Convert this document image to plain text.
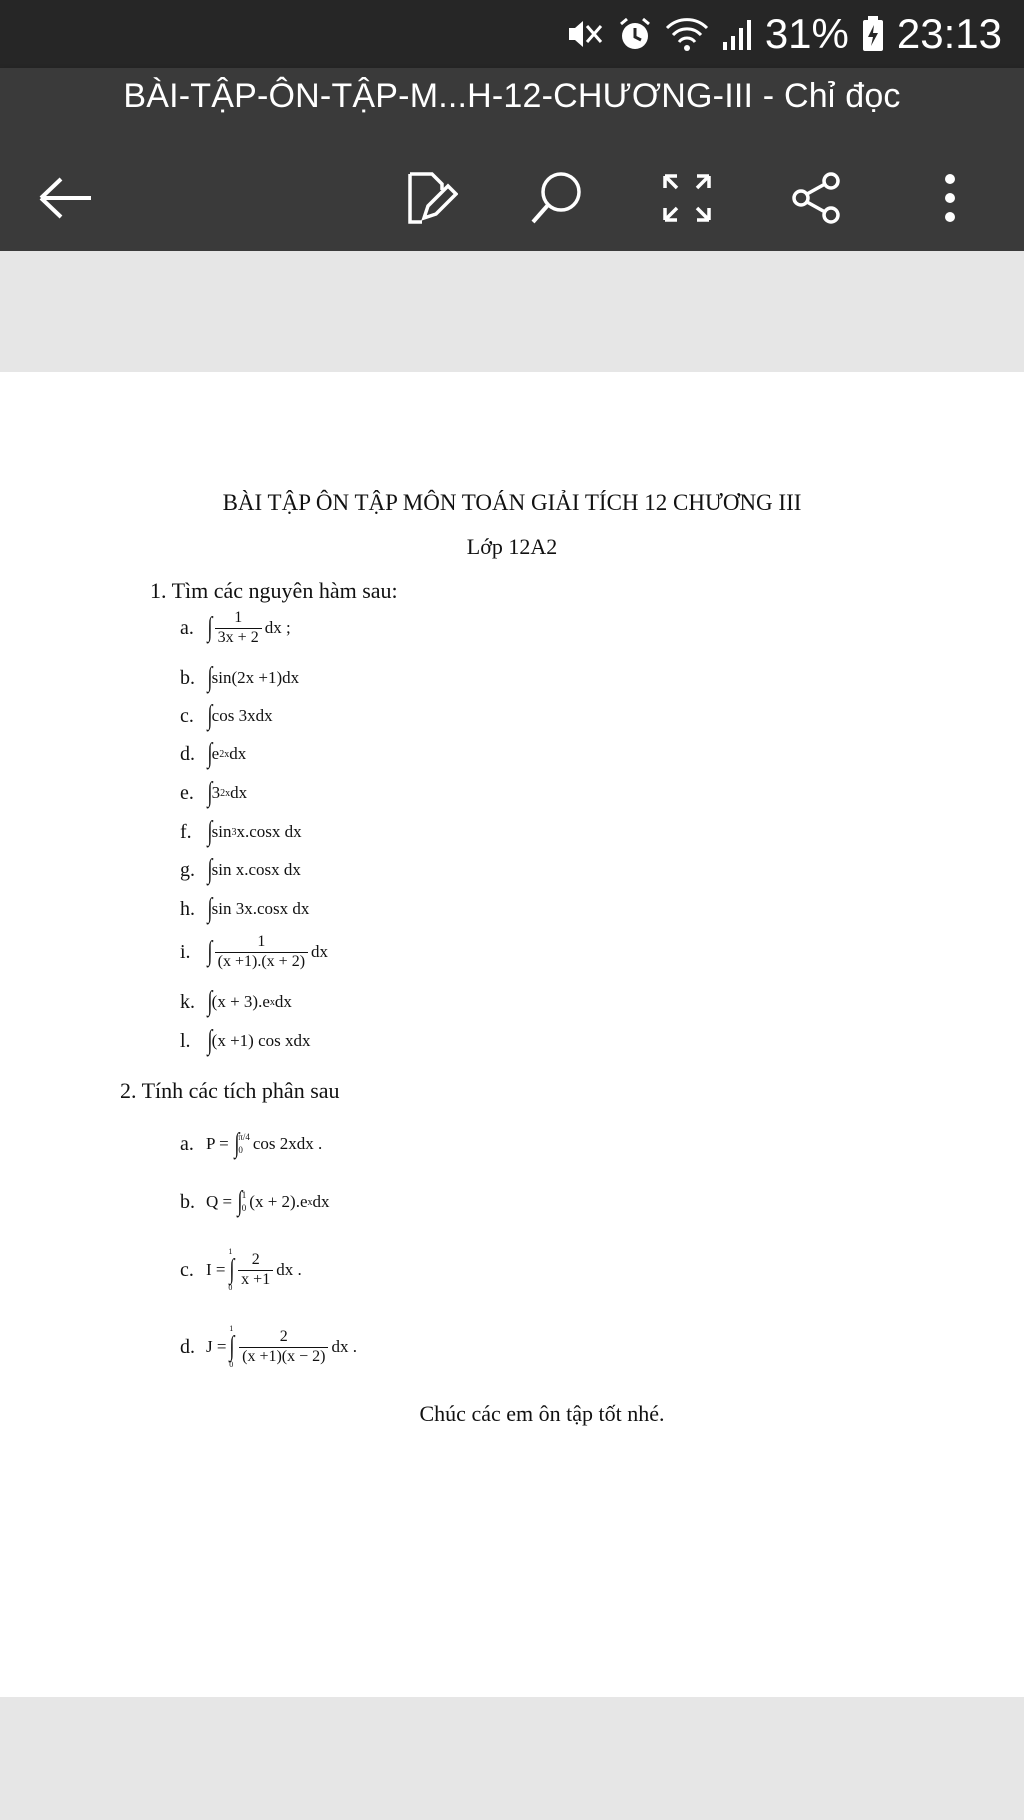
31% 23:13
BÀI-TẬP-ÔN-TẬP-M...H-12-CHƯƠNG-III - Chỉ đọc
BÀI TẬP ÔN TẬP MÔN TOÁN GIẢI TÍCH 12 CHƯƠNG III
Lớp 12A2
1. Tìm các nguyên hàm sau:
a. ∫ $\frac{1}{3x + 2}$ dx ;
b. ∫ sin(2x +1)dx
c. ∫ cos 3xdx
d. ∫ e 2x dx
e. ∫ 3 2x dx
f. ∫ sin 3 x.cosx dx
g. ∫ sin x.cosx dx
h. ∫ sin 3x.cosx dx
i. ∫ $\frac{1}{(x +1).(x + 2)}$ dx
k. ∫ (x + 3).e x dx
l. ∫ (x +1) cos xdx
2. Tính các tích phân sau
a. P = ∫ π/4
0 cos 2xdx .
b. Q = ∫ 1
0 (x + 2).e x dx
c. I =
1
∫
$0 \frac{2}{x +1}$ dx .
d. J =
1
∫
$0 \frac{2}{(x +1)(x - 2)}$ dx .
Chúc các em ôn tập tốt nhé.
